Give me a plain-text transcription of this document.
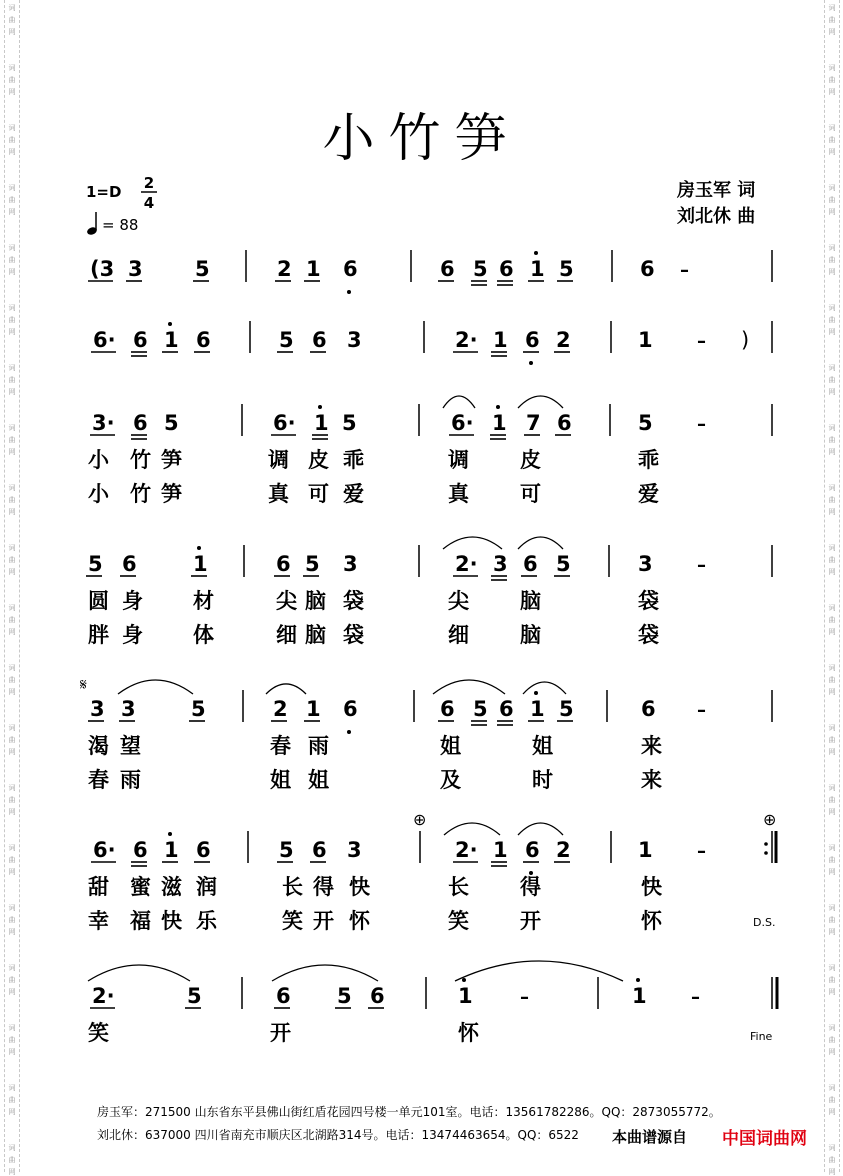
词
曲
网
词
曲
网
词
曲
网
词
曲
网
词
曲
网
词
曲
网
词
曲
网
词
曲
网
词
曲
网
词
曲
网
词
曲
网
词
曲
网
词
曲
网
词
曲
网
词
曲
网
词
曲
网
词
曲
网
词
曲
网
词
曲
网
词
曲
网
词
曲
网
词
曲
网
词
曲
网
词
曲
网
词
曲
网
词
曲
网
词
曲
网
词
曲
网
词
曲
网
词
曲
网
词
曲
网
词
曲
网
词
曲
网
词
曲
网
词
曲
网
词
曲
网
词
曲
网
词
曲
网
词
曲
网
词
曲
网
小竹笋
1=D 2
4
= 88
房玉军 词
刘北休 曲
(3 3 5	2 1 6	6 5 6 1 5	6 –
6· 6 1 6	5 6 3	2· 1 6 2	1 – )
3· 6 5	6· 1 5	6· 1 7 6	5 –
小 竹 笋	调 皮 乖	调 皮	乖
小 竹 笋	真 可 爱	真 可	爱
5 6	1	6 5 3	2· 3 6 5	3 –
圆 身 材	尖 脑 袋	尖 脑	袋
胖 身 体	细 脑 袋	细 脑	袋
3 3	5	2 1 6	6 5 6 1 5	6 –
渴 望	春 雨	姐	姐	来
春 雨	姐 姐	及	时	来
𝄋
6· 6 1 6	5 6 3	2· 1 6 2	1 –
甜 蜜 滋 润	长 得 快	长 得	快
幸 福 快 乐	笑 开 怀	笑 开	怀
⊕	⊕
D.S.
2·	5	6 5 6	1	–	1 –
笑	开	怀	Fine
房玉军：271500 山东省东平县佛山街红盾花园四号楼一单元101室。电话：13561782286。QQ：2873055772。
刘北休：637000 四川省南充市顺庆区北湖路314号。电话：13474463654。QQ：6522 本曲谱源自 中国词曲网
